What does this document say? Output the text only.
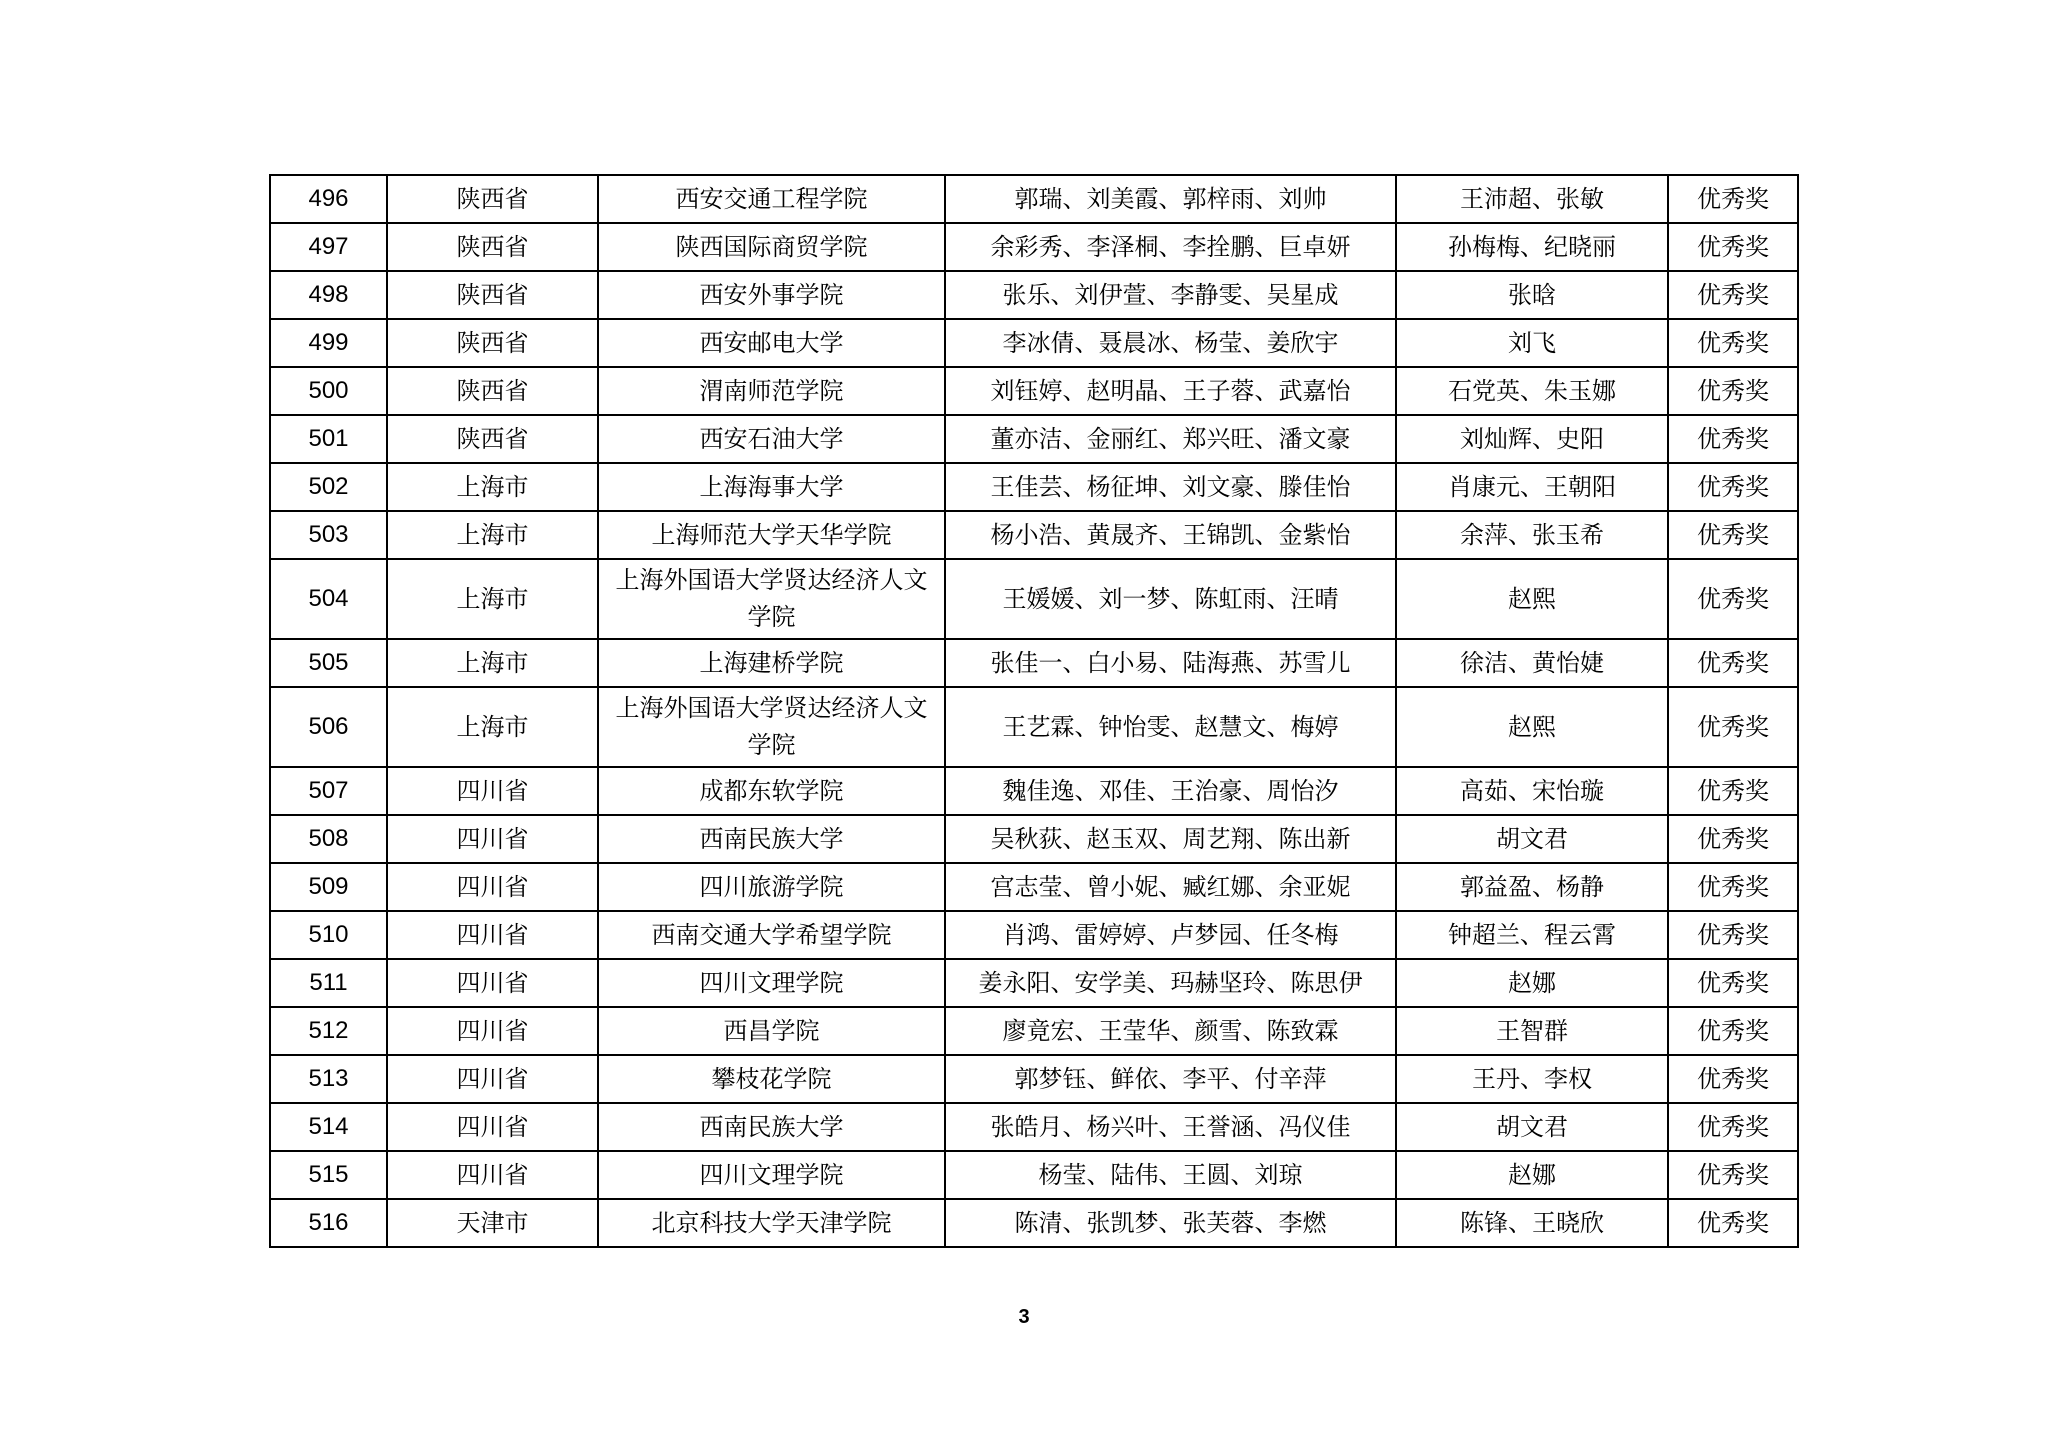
496	陕西省	西安交通工程学院	郭瑞、刘美霞、郭梓雨、刘帅	王沛超、张敏	优秀奖
497	陕西省	陕西国际商贸学院	余彩秀、李泽桐、李拴鹏、巨卓妍	孙梅梅、纪晓丽	优秀奖
498	陕西省	西安外事学院	张乐、刘伊萱、李静雯、吴星成	张晗	优秀奖
499	陕西省	西安邮电大学	李冰倩、聂晨冰、杨莹、姜欣宇	刘飞	优秀奖
500	陕西省	渭南师范学院	刘钰婷、赵明晶、王子蓉、武嘉怡	石党英、朱玉娜	优秀奖
501	陕西省	西安石油大学	董亦洁、金丽红、郑兴旺、潘文豪	刘灿辉、史阳	优秀奖
502	上海市	上海海事大学	王佳芸、杨征坤、刘文豪、滕佳怡	肖康元、王朝阳	优秀奖
503	上海市	上海师范大学天华学院	杨小浩、黄晟齐、王锦凯、金紫怡	余萍、张玉希	优秀奖
504	上海市	上海外国语大学贤达经济人文学院	王媛媛、刘一梦、陈虹雨、汪晴	赵熙	优秀奖
505	上海市	上海建桥学院	张佳一、白小易、陆海燕、苏雪儿	徐洁、黄怡婕	优秀奖
506	上海市	上海外国语大学贤达经济人文学院	王艺霖、钟怡雯、赵慧文、梅婷	赵熙	优秀奖
507	四川省	成都东软学院	魏佳逸、邓佳、王治豪、周怡汐	高茹、宋怡璇	优秀奖
508	四川省	西南民族大学	吴秋荻、赵玉双、周艺翔、陈出新	胡文君	优秀奖
509	四川省	四川旅游学院	宫志莹、曾小妮、臧红娜、余亚妮	郭益盈、杨静	优秀奖
510	四川省	西南交通大学希望学院	肖鸿、雷婷婷、卢梦园、任冬梅	钟超兰、程云霄	优秀奖
511	四川省	四川文理学院	姜永阳、安学美、玛赫坚玲、陈思伊	赵娜	优秀奖
512	四川省	西昌学院	廖竟宏、王莹华、颜雪、陈致霖	王智群	优秀奖
513	四川省	攀枝花学院	郭梦钰、鲜依、李平、付辛萍	王丹、李权	优秀奖
514	四川省	西南民族大学	张皓月、杨兴叶、王誉涵、冯仪佳	胡文君	优秀奖
515	四川省	四川文理学院	杨莹、陆伟、王圆、刘琼	赵娜	优秀奖
516	天津市	北京科技大学天津学院	陈清、张凯梦、张芙蓉、李燃	陈锋、王晓欣	优秀奖
3
